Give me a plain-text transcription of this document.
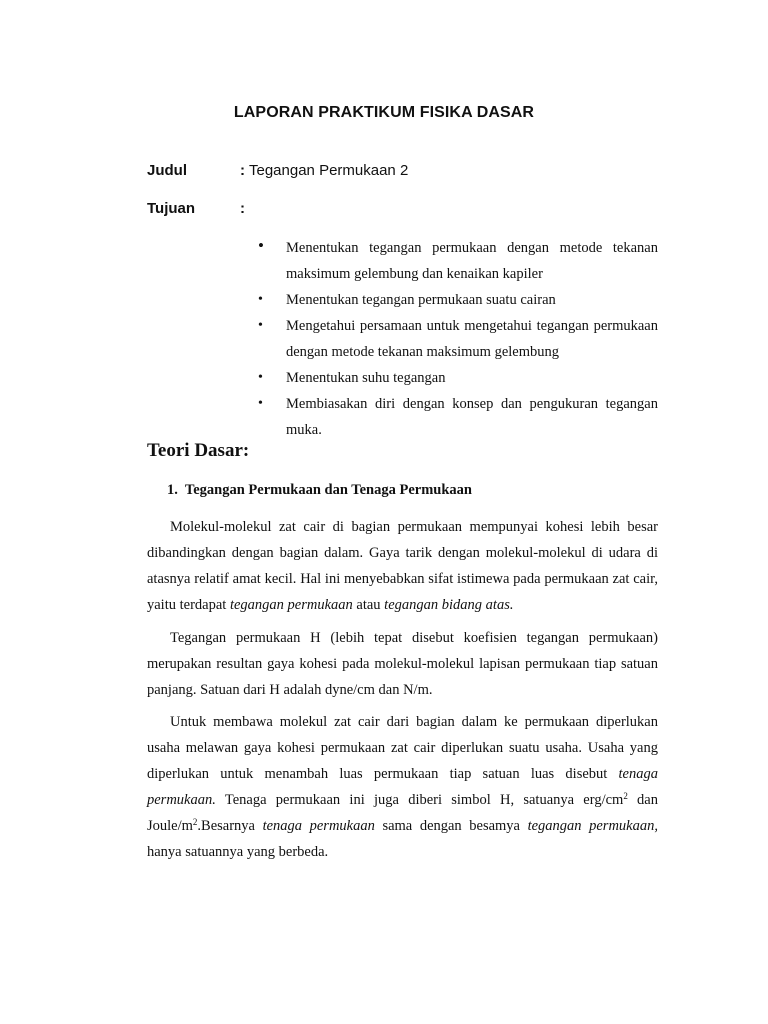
LAPORAN PRAKTIKUM FISIKA DASAR
Judul	: Tegangan Permukaan 2
Tujuan	:
• Menentukan tegangan permukaan dengan metode tekanan maksimum gelembung dan kenaikan kapiler
• Menentukan tegangan permukaan suatu cairan
• Mengetahui persamaan untuk mengetahui tegangan permukaan dengan metode tekanan maksimum gelembung
• Menentukan suhu tegangan
• Membiasakan diri dengan konsep dan pengukuran tegangan muka.
Teori Dasar:
1. Tegangan Permukaan dan Tenaga Permukaan

Molekul-molekul zat cair di bagian permukaan mempunyai kohesi lebih besar dibandingkan dengan bagian dalam. Gaya tarik dengan molekul-molekul di udara di atasnya relatif amat kecil. Hal ini menyebabkan sifat istimewa pada permukaan zat cair, yaitu terdapat tegangan permukaan atau tegangan bidang atas.

Tegangan permukaan H (lebih tepat disebut koefisien tegangan permukaan) merupakan resultan gaya kohesi pada molekul-molekul lapisan permukaan tiap satuan panjang. Satuan dari H adalah dyne/cm dan N/m.

Untuk membawa molekul zat cair dari bagian dalam ke permukaan diperlukan usaha melawan gaya kohesi permukaan zat cair diperlukan suatu usaha. Usaha yang diperlukan untuk menambah luas permukaan tiap satuan luas disebut tenaga permukaan. Tenaga permukaan ini juga diberi simbol H, satuanya erg/$cm^2$ dan Joule/$m^2.Besarnya$ tenaga permukaan sama dengan besamya tegangan permukaan, hanya satuannya yang berbeda.
